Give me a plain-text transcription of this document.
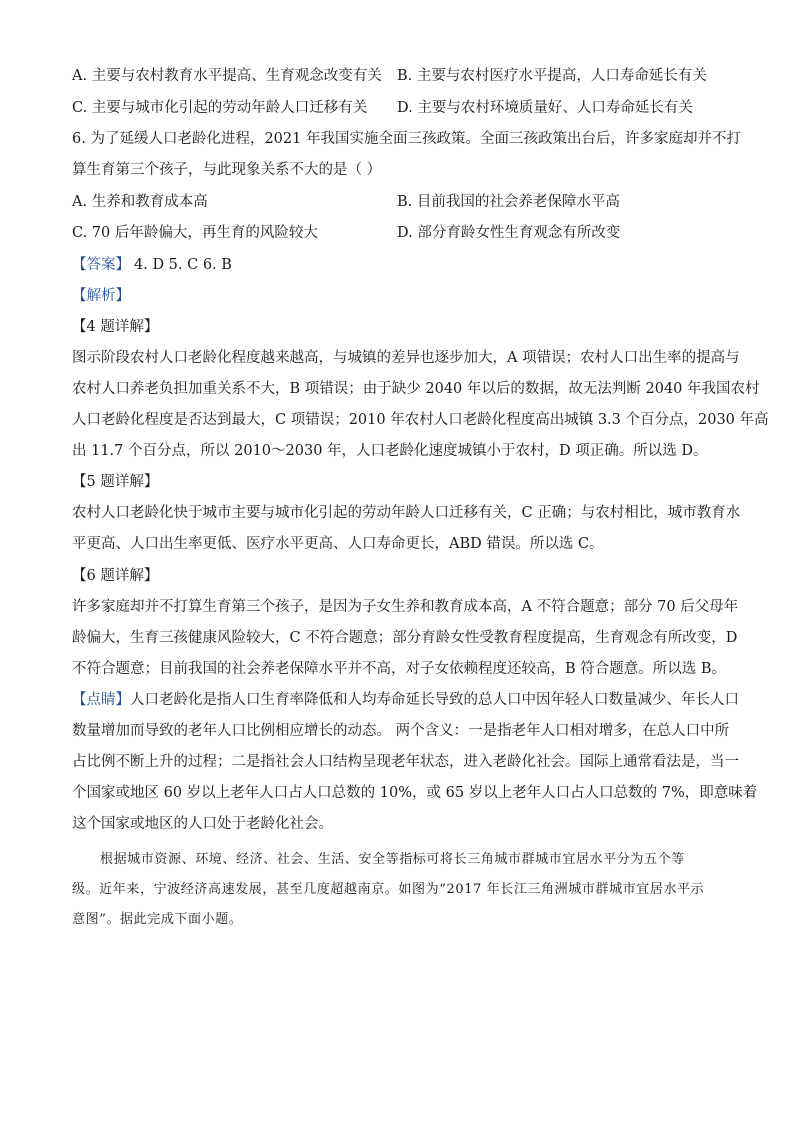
A. 主要与农村教育水平提高、生育观念改变有关 B. 主要与农村医疗水平提高，人口寿命延长有关
C. 主要与城市化引起的劳动年龄人口迁移有关 D. 主要与农村环境质量好、人口寿命延长有关
6. 为了延缓人口老龄化进程，2021 年我国实施全面三孩政策。全面三孩政策出台后，许多家庭却并不打
算生育第三个孩子，与此现象关系不大的是（ ）
A. 生养和教育成本高	B. 目前我国的社会养老保障水平高
C. 70 后年龄偏大，再生育的风险较大	D. 部分育龄女性生育观念有所改变
【答案】 4. D 5. C 6. B
【解析】
【4 题详解】
图示阶段农村人口老龄化程度越来越高，与城镇的差异也逐步加大，A 项错误；农村人口出生率的提高与
农村人口养老负担加重关系不大，B 项错误；由于缺少 2040 年以后的数据，故无法判断 2040 年我国农村
人口老龄化程度是否达到最大，C 项错误；2010 年农村人口老龄化程度高出城镇 3.3 个百分点，2030 年高
出 11.7 个百分点，所以 2010～2030 年，人口老龄化速度城镇小于农村，D 项正确。所以选 D。
【5 题详解】
农村人口老龄化快于城市主要与城市化引起的劳动年龄人口迁移有关，C 正确；与农村相比，城市教育水
平更高、人口出生率更低、医疗水平更高、人口寿命更长，ABD 错误。所以选 C。
【6 题详解】
许多家庭却并不打算生育第三个孩子，是因为子女生养和教育成本高，A 不符合题意；部分 70 后父母年
龄偏大，生育三孩健康风险较大，C 不符合题意；部分育龄女性受教育程度提高，生育观念有所改变，D
不符合题意；目前我国的社会养老保障水平并不高，对子女依赖程度还较高，B 符合题意。所以选 B。
【点睛】人口老龄化是指人口生育率降低和人均寿命延长导致的总人口中因年轻人口数量减少、年长人口
数量增加而导致的老年人口比例相应增长的动态。 两个含义：一是指老年人口相对增多，在总人口中所
占比例不断上升的过程；二是指社会人口结构呈现老年状态，进入老龄化社会。国际上通常看法是，当一
个国家或地区 60 岁以上老年人口占人口总数的 10%，或 65 岁以上老年人口占人口总数的 7%，即意味着
这个国家或地区的人口处于老龄化社会。
根据城市资源、环境、经济、社会、生活、安全等指标可将长三角城市群城市宜居水平分为五个等
级。近年来，宁波经济高速发展，甚至几度超越南京。如图为“2017 年长江三角洲城市群城市宜居水平示
意图”。据此完成下面小题。
